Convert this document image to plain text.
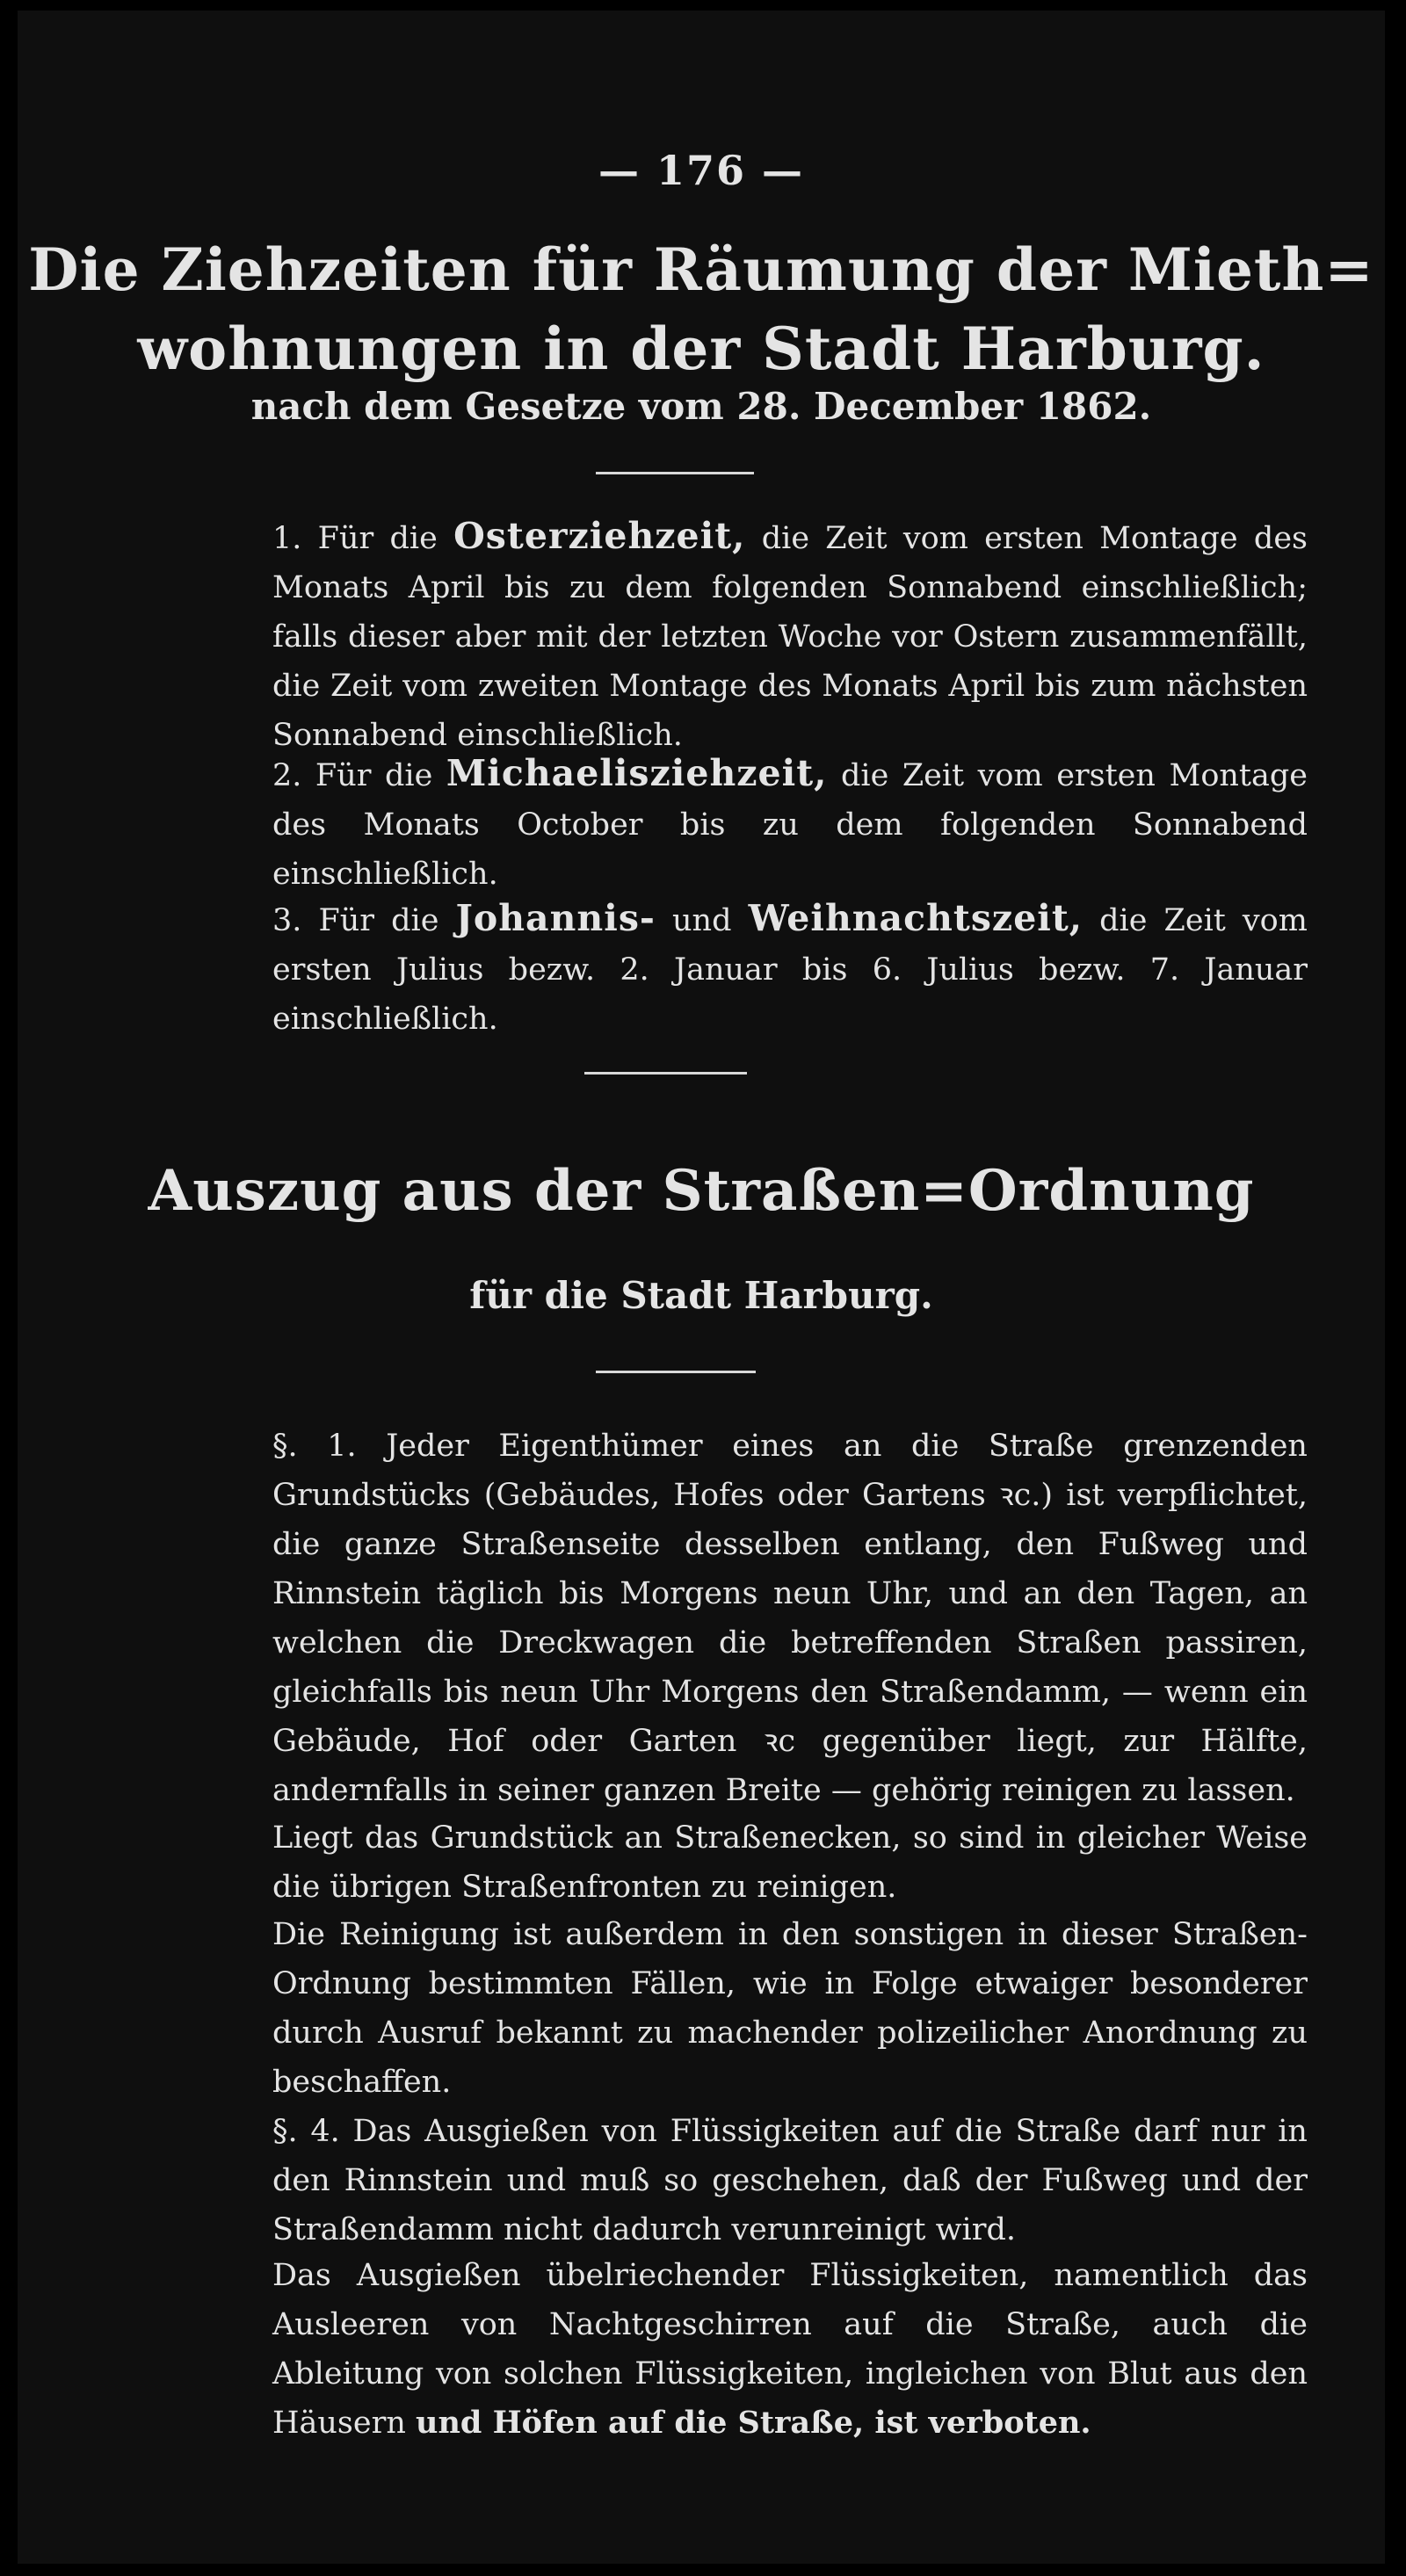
— 176 —
Die Ziehzeiten für Räumung der Mieth=
wohnungen in der Stadt Harburg.
nach dem Gesetze vom 28. December 1862.

1. Für die Osterziehzeit, die Zeit vom ersten Montage des Monats April bis zu dem folgenden Sonnabend einschließlich; falls dieser aber mit der letzten Woche vor Ostern zusammenfällt, die Zeit vom zweiten Montage des Monats April bis zum nächsten Sonnabend einschließlich.

2. Für die Michaelisziehzeit, die Zeit vom ersten Montage des Monats October bis zu dem folgenden Sonnabend einschließlich.

3. Für die Johannis- und Weihnachtszeit, die Zeit vom ersten Julius bezw. 2. Januar bis 6. Julius bezw. 7. Januar einschließlich.

Auszug aus der Straßen=Ordnung
für die Stadt Harburg.

§. 1. Jeder Eigenthümer eines an die Straße grenzenden Grundstücks (Gebäudes, Hofes oder Gartens ꝛc.) ist verpflichtet, die ganze Straßenseite desselben entlang, den Fußweg und Rinnstein täglich bis Morgens neun Uhr, und an den Tagen, an welchen die Dreckwagen die betreffenden Straßen passiren, gleichfalls bis neun Uhr Morgens den Straßendamm, — wenn ein Gebäude, Hof oder Garten ꝛc gegenüber liegt, zur Hälfte, andernfalls in seiner ganzen Breite — gehörig reinigen zu lassen.

Liegt das Grundstück an Straßenecken, so sind in gleicher Weise die übrigen Straßenfronten zu reinigen.

Die Reinigung ist außerdem in den sonstigen in dieser Straßen-Ordnung bestimmten Fällen, wie in Folge etwaiger besonderer durch Ausruf bekannt zu machender polizeilicher Anordnung zu beschaffen.

§. 4. Das Ausgießen von Flüssigkeiten auf die Straße darf nur in den Rinnstein und muß so geschehen, daß der Fußweg und der Straßendamm nicht dadurch verunreinigt wird.

Das Ausgießen übelriechender Flüssigkeiten, namentlich das Ausleeren von Nachtgeschirren auf die Straße, auch die Ableitung von solchen Flüssigkeiten, ingleichen von Blut aus den Häusern und Höfen auf die Straße, ist verboten.
